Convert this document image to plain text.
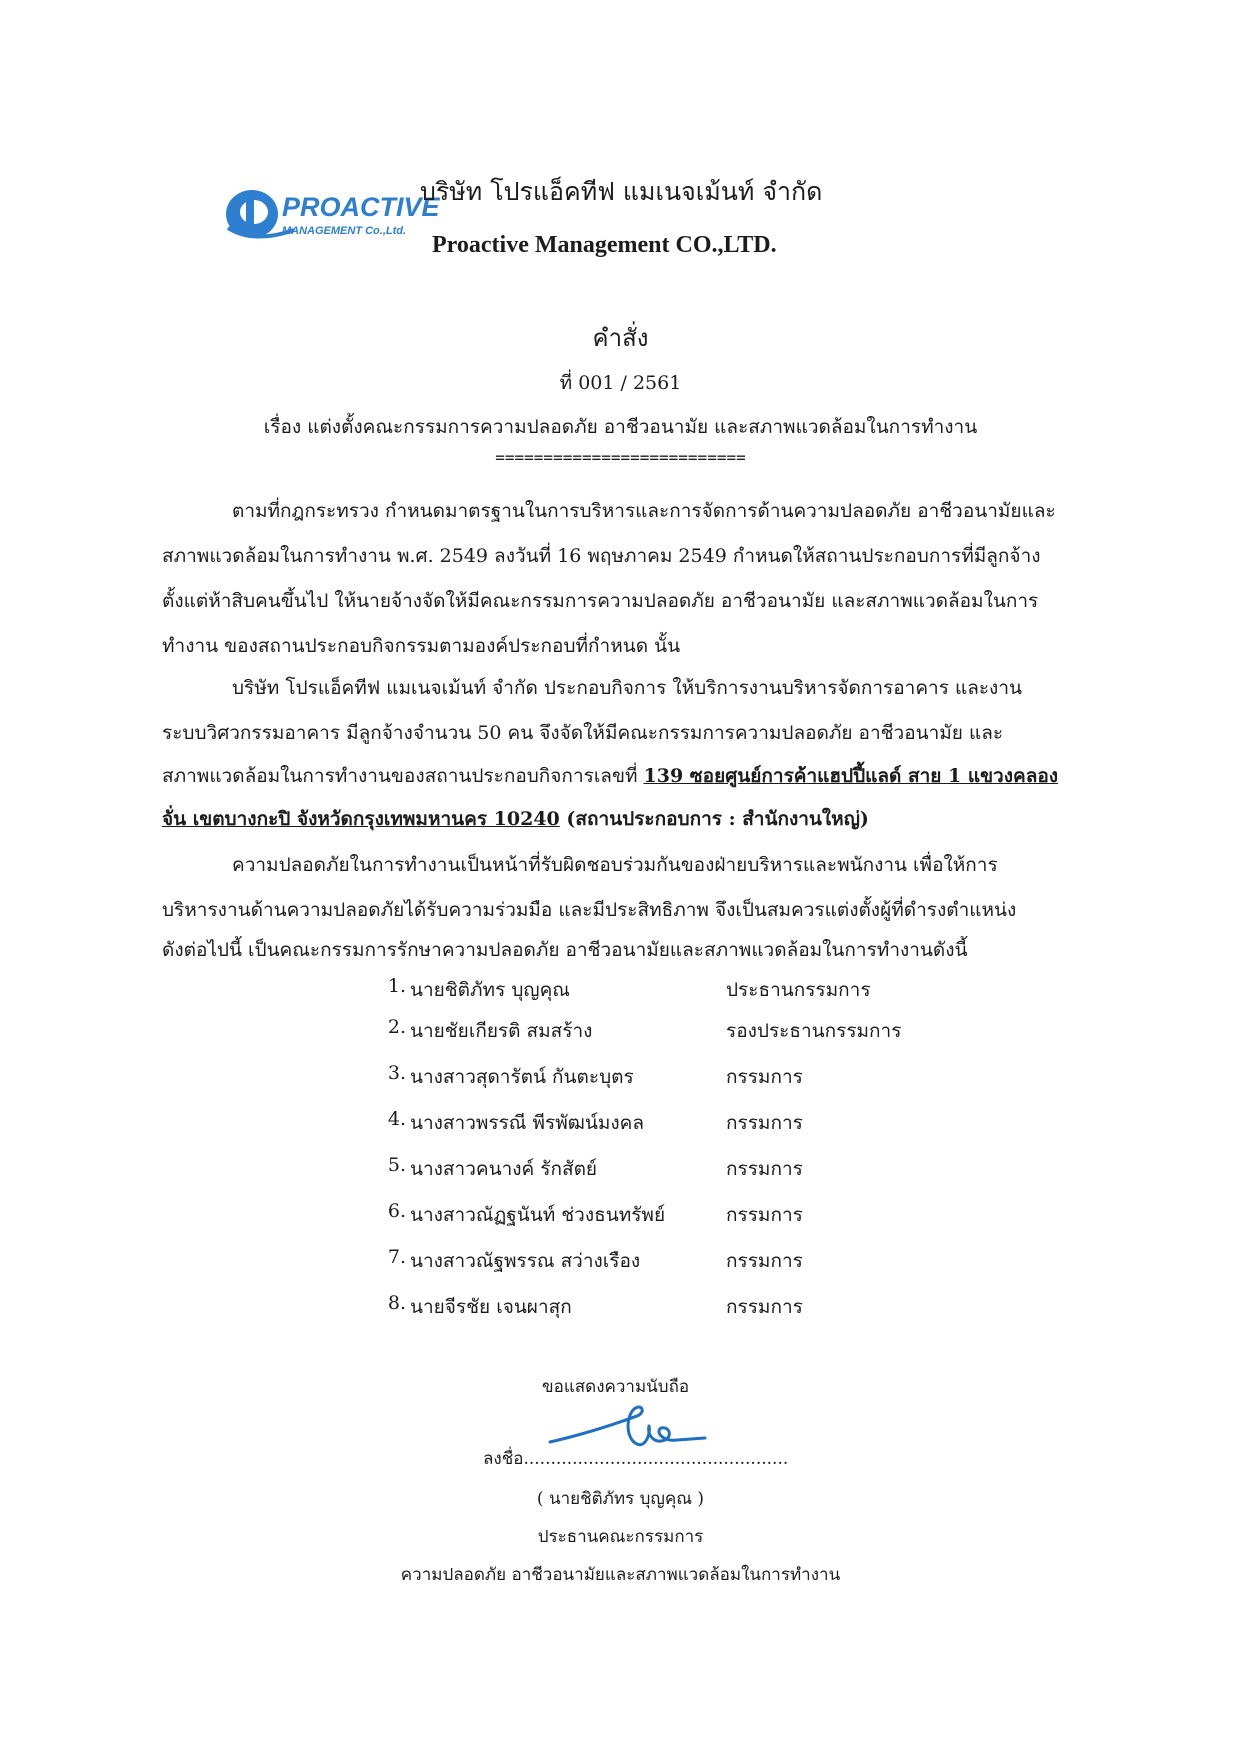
PROACTIVE
MANAGEMENT Co.,Ltd.
บริษัท โปรแอ็คทีฟ แมเนจเม้นท์ จำกัด
Proactive Management CO.,LTD.
คำสั่ง
ที่ 001 / 2561
เรื่อง แต่งตั้งคณะกรรมการความปลอดภัย อาชีวอนามัย และสภาพแวดล้อมในการทำงาน
==========================
ตามที่กฎกระทรวง กำหนดมาตรฐานในการบริหารและการจัดการด้านความปลอดภัย อาชีวอนามัยและ
สภาพแวดล้อมในการทำงาน พ.ศ. 2549 ลงวันที่ 16 พฤษภาคม 2549 กำหนดให้สถานประกอบการที่มีลูกจ้าง
ตั้งแต่ห้าสิบคนขึ้นไป ให้นายจ้างจัดให้มีคณะกรรมการความปลอดภัย อาชีวอนามัย และสภาพแวดล้อมในการ
ทำงาน ของสถานประกอบกิจกรรมตามองค์ประกอบที่กำหนด นั้น
บริษัท โปรแอ็คทีฟ แมเนจเม้นท์ จำกัด ประกอบกิจการ ให้บริการงานบริหารจัดการอาคาร และงาน
ระบบวิศวกรรมอาคาร มีลูกจ้างจำนวน 50 คน จึงจัดให้มีคณะกรรมการความปลอดภัย อาชีวอนามัย และ
สภาพแวดล้อมในการทำงานของสถานประกอบกิจการเลขที่ 139 ซอยศูนย์การค้าแฮปปี้แลด์ สาย 1 แขวงคลอง
จั่น เขตบางกะปิ จังหวัดกรุงเทพมหานคร 10240 (สถานประกอบการ : สำนักงานใหญ่)
ความปลอดภัยในการทำงานเป็นหน้าที่รับผิดชอบร่วมกันของฝ่ายบริหารและพนักงาน เพื่อให้การ
บริหารงานด้านความปลอดภัยได้รับความร่วมมือ และมีประสิทธิภาพ จึงเป็นสมควรแต่งตั้งผู้ที่ดำรงตำแหน่ง
ดังต่อไปนี้ เป็นคณะกรรมการรักษาความปลอดภัย อาชีวอนามัยและสภาพแวดล้อมในการทำงานดังนี้
1. นายชิติภัทร บุญคุณ	ประธานกรรมการ
2. นายชัยเกียรติ สมสร้าง	รองประธานกรรมการ
3. นางสาวสุดารัตน์ กันตะบุตร	กรรมการ
4. นางสาวพรรณี พีรพัฒน์มงคล	กรรมการ
5. นางสาวคนางค์ รักสัตย์	กรรมการ
6. นางสาวณัฏฐนันท์ ช่วงธนทรัพย์	กรรมการ
7. นางสาวณัฐพรรณ สว่างเรือง	กรรมการ
8. นายจีรชัย เจนผาสุก	กรรมการ
ขอแสดงความนับถือ
ลงชื่อ.................................................
( นายชิติภัทร บุญคุณ )
ประธานคณะกรรมการ
ความปลอดภัย อาชีวอนามัยและสภาพแวดล้อมในการทำงาน
